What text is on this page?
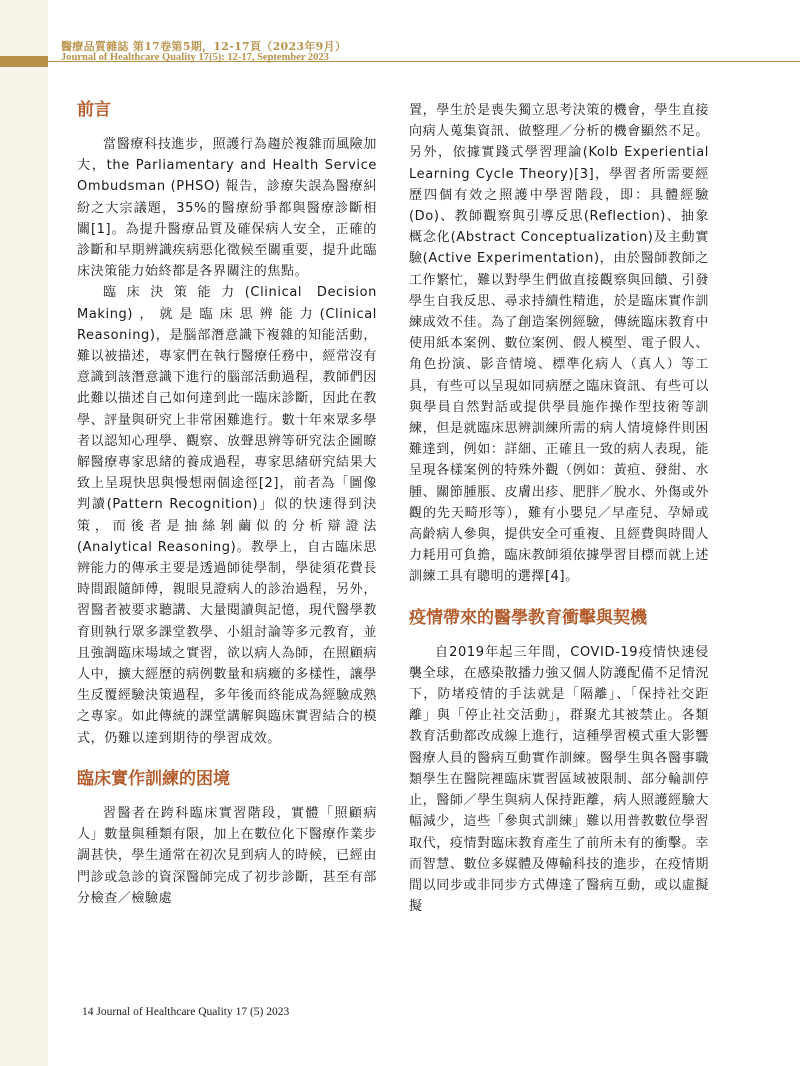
醫療品質雜誌 第17卷第5期，12-17頁（2023年9月）
Journal of Healthcare Quality 17(5): 12-17, September 2023
前言

當醫療科技進步，照護行為趨於複雜而風險加大，the Parliamentary and Health Service Ombudsman (PHSO) 報告，診療失誤為醫療糾紛之大宗議題，35%的醫療紛爭都與醫療診斷相關[1]。為提升醫療品質及確保病人安全，正確的診斷和早期辨識疾病惡化徵候至關重要，提升此臨床決策能力始終都是各界關注的焦點。

臨床決策能力(Clinical Decision Making)，就是臨床思辨能力(Clinical Reasoning)，是腦部潛意識下複雜的知能活動，難以被描述，專家們在執行醫療任務中，經常沒有意識到該潛意識下進行的腦部活動過程，教師們因此難以描述自己如何達到此一臨床診斷，因此在教學、評量與研究上非常困難進行。數十年來眾多學者以認知心理學、觀察、放聲思辨等研究法企圖瞭解醫療專家思緒的養成過程，專家思緒研究結果大致上呈現快思與慢想兩個途徑[2]，前者為「圖像判讀(Pattern Recognition)」似的快速得到決策，而後者是抽絲剝繭似的分析辯證法(Analytical Reasoning)。教學上，自古臨床思辨能力的傳承主要是透過師徒學制，學徒須花費長時間跟隨師傅，親眼見證病人的診治過程，另外，習醫者被要求聽講、大量閱讀與記憶，現代醫學教育則執行眾多課堂教學、小組討論等多元教育，並且強調臨床場域之實習，欲以病人為師，在照顧病人中，擴大經歷的病例數量和病癥的多樣性，讓學生反覆經驗決策過程，多年後而終能成為經驗成熟之專家。如此傳統的課堂講解與臨床實習結合的模式，仍難以達到期待的學習成效。

臨床實作訓練的困境

習醫者在跨科臨床實習階段，實體「照顧病人」數量與種類有限，加上在數位化下醫療作業步調甚快，學生通常在初次見到病人的時候，已經由門診或急診的資深醫師完成了初步診斷，甚至有部分檢查／檢驗處

置，學生於是喪失獨立思考決策的機會，學生直接向病人蒐集資訊、做整理／分析的機會顯然不足。另外，依據實踐式學習理論(Kolb Experiential Learning Cycle Theory)[3]，學習者所需要經歷四個有效之照護中學習階段，即：具體經驗(Do)、教師觀察與引導反思(Reflection)、抽象概念化(Abstract Conceptualization)及主動實驗(Active Experimentation)，由於醫師教師之工作繁忙，難以對學生們做直接觀察與回饋、引發學生自我反思、尋求持續性精進，於是臨床實作訓練成效不佳。為了創造案例經驗，傳統臨床教育中使用紙本案例、數位案例、假人模型、電子假人、角色扮演、影音情境、標準化病人（真人）等工具，有些可以呈現如同病歷之臨床資訊、有些可以與學員自然對話或提供學員施作操作型技術等訓練，但是就臨床思辨訓練所需的病人情境條件則困難達到，例如：詳細、正確且一致的病人表現，能呈現各樣案例的特殊外觀（例如：黃疸、發紺、水腫、關節腫脹、皮膚出疹、肥胖／脫水、外傷或外觀的先天畸形等），難有小嬰兒／早產兒、孕婦或高齡病人參與，提供安全可重複、且經費與時間人力耗用可負擔，臨床教師須依據學習目標而就上述訓練工具有聰明的選擇[4]。

疫情帶來的醫學教育衝擊與契機

自2019年起三年間，COVID-19疫情快速侵襲全球，在感染散播力強又個人防護配備不足情況下，防堵疫情的手法就是「隔離」、「保持社交距離」與「停止社交活動」，群聚尤其被禁止。各類教育活動都改成線上進行，這種學習模式重大影響醫療人員的醫病互動實作訓練。醫學生與各醫事職類學生在醫院裡臨床實習區域被限制、部分輪訓停止，醫師／學生與病人保持距離，病人照護經驗大幅減少，這些「參與式訓練」難以用普教數位學習取代，疫情對臨床教育產生了前所未有的衝擊。幸而智慧、數位多媒體及傳輸科技的進步，在疫情期間以同步或非同步方式傳達了醫病互動，或以虛擬擬

14 Journal of Healthcare Quality 17 (5) 2023
